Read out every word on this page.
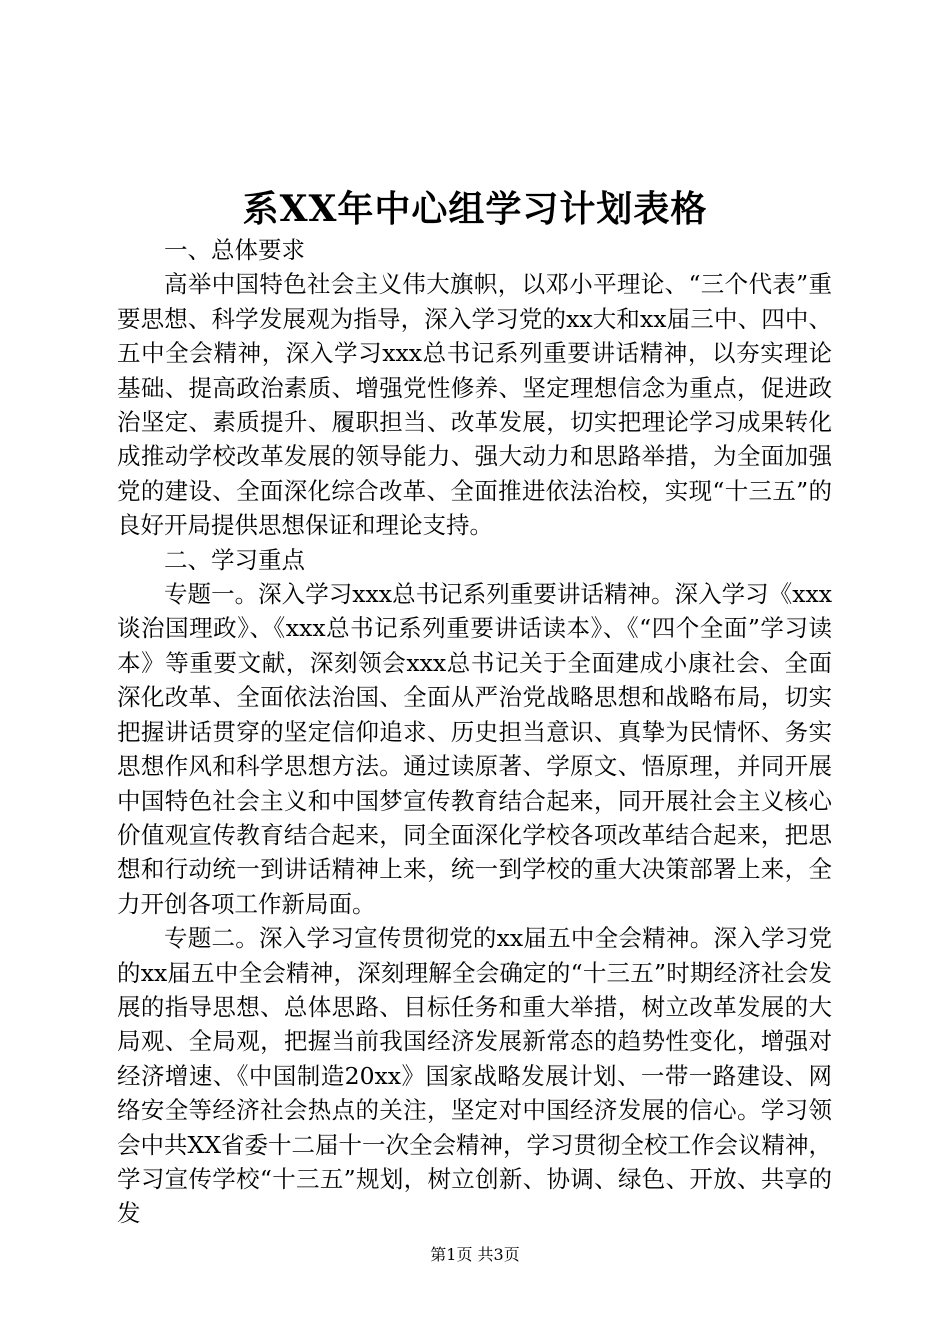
系XX年中心组学习计划表格

一、总体要求

高举中国特色社会主义伟大旗帜，以邓小平理论、“三个代表”重要思想、科学发展观为指导，深入学习党的xx大和xx届三中、四中、五中全会精神，深入学习xxx总书记系列重要讲话精神，以夯实理论基础、提高政治素质、增强党性修养、坚定理想信念为重点，促进政治坚定、素质提升、履职担当、改革发展，切实把理论学习成果转化成推动学校改革发展的领导能力、强大动力和思路举措，为全面加强党的建设、全面深化综合改革、全面推进依法治校，实现“十三五”的良好开局提供思想保证和理论支持。

二、学习重点

专题一。深入学习xxx总书记系列重要讲话精神。深入学习《xxx谈治国理政》、《xxx总书记系列重要讲话读本》、《“四个全面”学习读本》等重要文献，深刻领会xxx总书记关于全面建成小康社会、全面深化改革、全面依法治国、全面从严治党战略思想和战略布局，切实把握讲话贯穿的坚定信仰追求、历史担当意识、真挚为民情怀、务实思想作风和科学思想方法。通过读原著、学原文、悟原理，并同开展中国特色社会主义和中国梦宣传教育结合起来，同开展社会主义核心价值观宣传教育结合起来，同全面深化学校各项改革结合起来，把思想和行动统一到讲话精神上来，统一到学校的重大决策部署上来，全力开创各项工作新局面。

专题二。深入学习宣传贯彻党的xx届五中全会精神。深入学习党的xx届五中全会精神，深刻理解全会确定的“十三五”时期经济社会发展的指导思想、总体思路、目标任务和重大举措，树立改革发展的大局观、全局观，把握当前我国经济发展新常态的趋势性变化，增强对经济增速、《中国制造20xx》国家战略发展计划、一带一路建设、网络安全等经济社会热点的关注，坚定对中国经济发展的信心。学习领会中共XX省委十二届十一次全会精神，学习贯彻全校工作会议精神，学习宣传学校“十三五”规划，树立创新、协调、绿色、开放、共享的发

第1页 共3页
